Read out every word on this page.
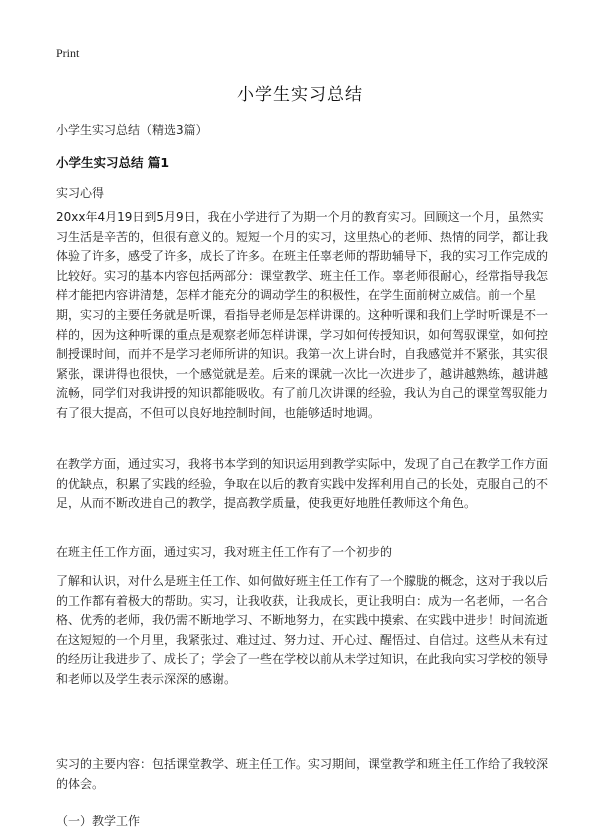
Print
小学生实习总结
小学生实习总结（精选3篇）
小学生实习总结 篇1
实习心得

20xx年4月19日到5月9日，我在小学进行了为期一个月的教育实习。回顾这一个月，虽然实习生活是辛苦的，但很有意义的。短短一个月的实习，这里热心的老师、热情的同学，都让我体验了许多，感受了许多，成长了许多。在班主任辜老师的帮助辅导下，我的实习工作完成的比较好。实习的基本内容包括两部分：课堂教学、班主任工作。辜老师很耐心，经常指导我怎样才能把内容讲清楚，怎样才能充分的调动学生的积极性，在学生面前树立威信。前一个星期，实习的主要任务就是听课，看指导老师是怎样讲课的。这种听课和我们上学时听课是不一样的，因为这种听课的重点是观察老师怎样讲课，学习如何传授知识，如何驾驭课堂，如何控制授课时间，而并不是学习老师所讲的知识。我第一次上讲台时，自我感觉并不紧张，其实很紧张，课讲得也很快，一个感觉就是差。后来的课就一次比一次进步了，越讲越熟练，越讲越流畅，同学们对我讲授的知识都能吸收。有了前几次讲课的经验，我认为自己的课堂驾驭能力有了很大提高，不但可以良好地控制时间，也能够适时地调。

在教学方面，通过实习，我将书本学到的知识运用到教学实际中，发现了自己在教学工作方面的优缺点，积累了实践的经验，争取在以后的教育实践中发挥利用自己的长处，克服自己的不足，从而不断改进自己的教学，提高教学质量，使我更好地胜任教师这个角色。

在班主任工作方面，通过实习，我对班主任工作有了一个初步的

了解和认识，对什么是班主任工作、如何做好班主任工作有了一个朦胧的概念，这对于我以后的工作都有着极大的帮助。实习，让我收获，让我成长，更让我明白：成为一名老师，一名合格、优秀的老师，我仍需不断地学习、不断地努力，在实践中摸索、在实践中进步！时间流逝在这短短的一个月里，我紧张过、难过过、努力过、开心过、醒悟过、自信过。这些从未有过的经历让我进步了、成长了；学会了一些在学校以前从未学过知识，在此我向实习学校的领导和老师以及学生表示深深的感谢。

实习的主要内容：包括课堂教学、班主任工作。实习期间，课堂教学和班主任工作给了我较深的体会。

（一）教学工作
